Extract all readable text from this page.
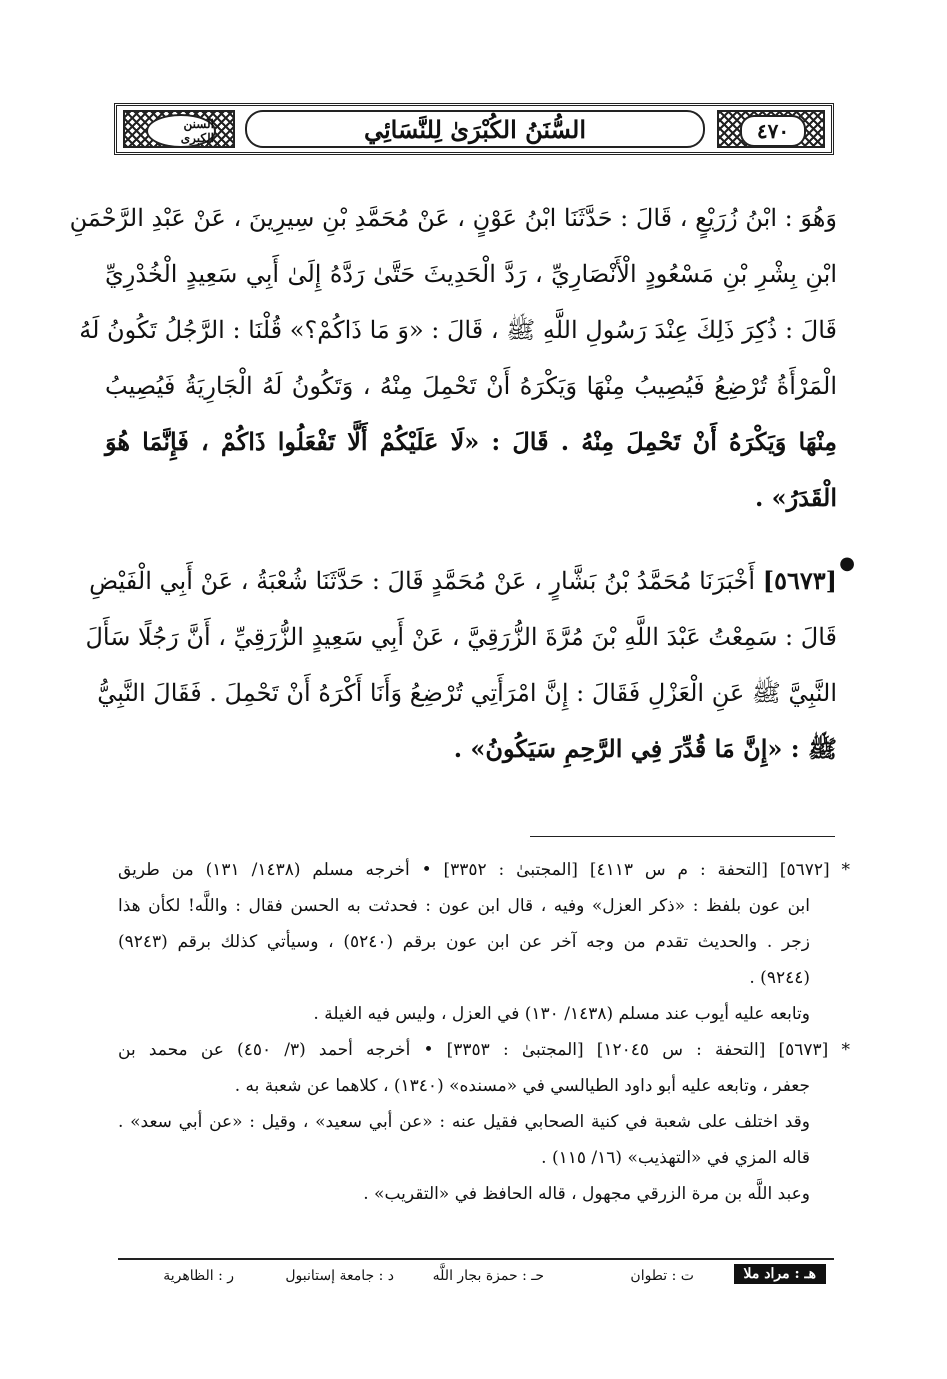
السنن الكبرى	السُّنَنُ الكُبْرَىٰ لِلنَّسَائِي	٤٧٠
وَهُوَ : ابْنُ زُرَيْعٍ ، قَالَ : حَدَّثَنَا ابْنُ عَوْنٍ ، عَنْ مُحَمَّدِ بْنِ سِيرِينَ ، عَنْ عَبْدِ الرَّحْمَنِ
ابْنِ بِشْرِ بْنِ مَسْعُودٍ الْأَنْصَارِيِّ ، رَدَّ الْحَدِيثَ حَتَّىٰ رَدَّهُ إِلَىٰ أَبِي سَعِيدٍ الْخُدْرِيِّ
قَالَ : ذُكِرَ ذَلِكَ عِنْدَ رَسُولِ اللَّهِ ﷺ ، قَالَ : «وَ مَا ذَاكُمْ؟» قُلْنَا : الرَّجُلُ تَكُونُ لَهُ
الْمَرْأَةُ تُرْضِعُ فَيُصِيبُ مِنْهَا وَيَكْرَهُ أَنْ تَحْمِلَ مِنْهُ ، وَتَكُونُ لَهُ الْجَارِيَةُ فَيُصِيبُ
مِنْهَا وَيَكْرَهُ أَنْ تَحْمِلَ مِنْهُ . قَالَ : «لَا عَلَيْكُمْ أَلَّا تَفْعَلُوا ذَاكُمْ ، فَإِنَّمَا هُوَ
الْقَدَرُ» .
●
[٥٦٧٣] أَخْبَرَنَا مُحَمَّدُ بْنُ بَشَّارٍ ، عَنْ مُحَمَّدٍ قَالَ : حَدَّثَنَا شُعْبَةُ ، عَنْ أَبِي الْفَيْضِ
قَالَ : سَمِعْتُ عَبْدَ اللَّهِ بْنَ مُرَّةَ الزُّرَقِيَّ ، عَنْ أَبِي سَعِيدٍ الزُّرَقِيِّ ، أَنَّ رَجُلًا سَأَلَ
النَّبِيَّ ﷺ عَنِ الْعَزْلِ فَقَالَ : إِنَّ امْرَأَتِي تُرْضِعُ وَأَنَا أَكْرَهُ أَنْ تَحْمِلَ . فَقَالَ النَّبِيُّ
ﷺ : «إِنَّ مَا قُدِّرَ فِي الرَّحِمِ سَيَكُونُ» .
* [٥٦٧٢] [التحفة : م س ٤١١٣] [المجتبىٰ : ٣٣٥٢] • أخرجه مسلم (١٤٣٨/ ١٣١) من طريق
ابن عون بلفظ : «ذكر العزل» وفيه ، قال ابن عون : فحدثت به الحسن فقال : واللَّه! لكأن هذا
زجر . والحديث تقدم من وجه آخر عن ابن عون برقم (٥٢٤٠) ، وسيأتي كذلك برقم (٩٢٤٣)
(٩٢٤٤) .
وتابعه عليه أيوب عند مسلم (١٤٣٨/ ١٣٠) في العزل ، وليس فيه الغيلة .
* [٥٦٧٣] [التحفة : س ١٢٠٤٥] [المجتبىٰ : ٣٣٥٣] • أخرجه أحمد (٣/ ٤٥٠) عن محمد بن
جعفر ، وتابعه عليه أبو داود الطيالسي في «مسنده» (١٣٤٠) ، كلاهما عن شعبة به .
وقد اختلف على شعبة في كنية الصحابي فقيل عنه : «عن أبي سعيد» ، وقيل : «عن أبي سعد» .
قاله المزي في «التهذيب» (١٦/ ١١٥) .
وعبد اللَّه بن مرة الزرقي مجهول ، قاله الحافظ في «التقريب» .
هـ : مراد ملا
ت : تطوان
حـ : حمزة بجار اللَّه
د : جامعة إستانبول
ر : الظاهرية
